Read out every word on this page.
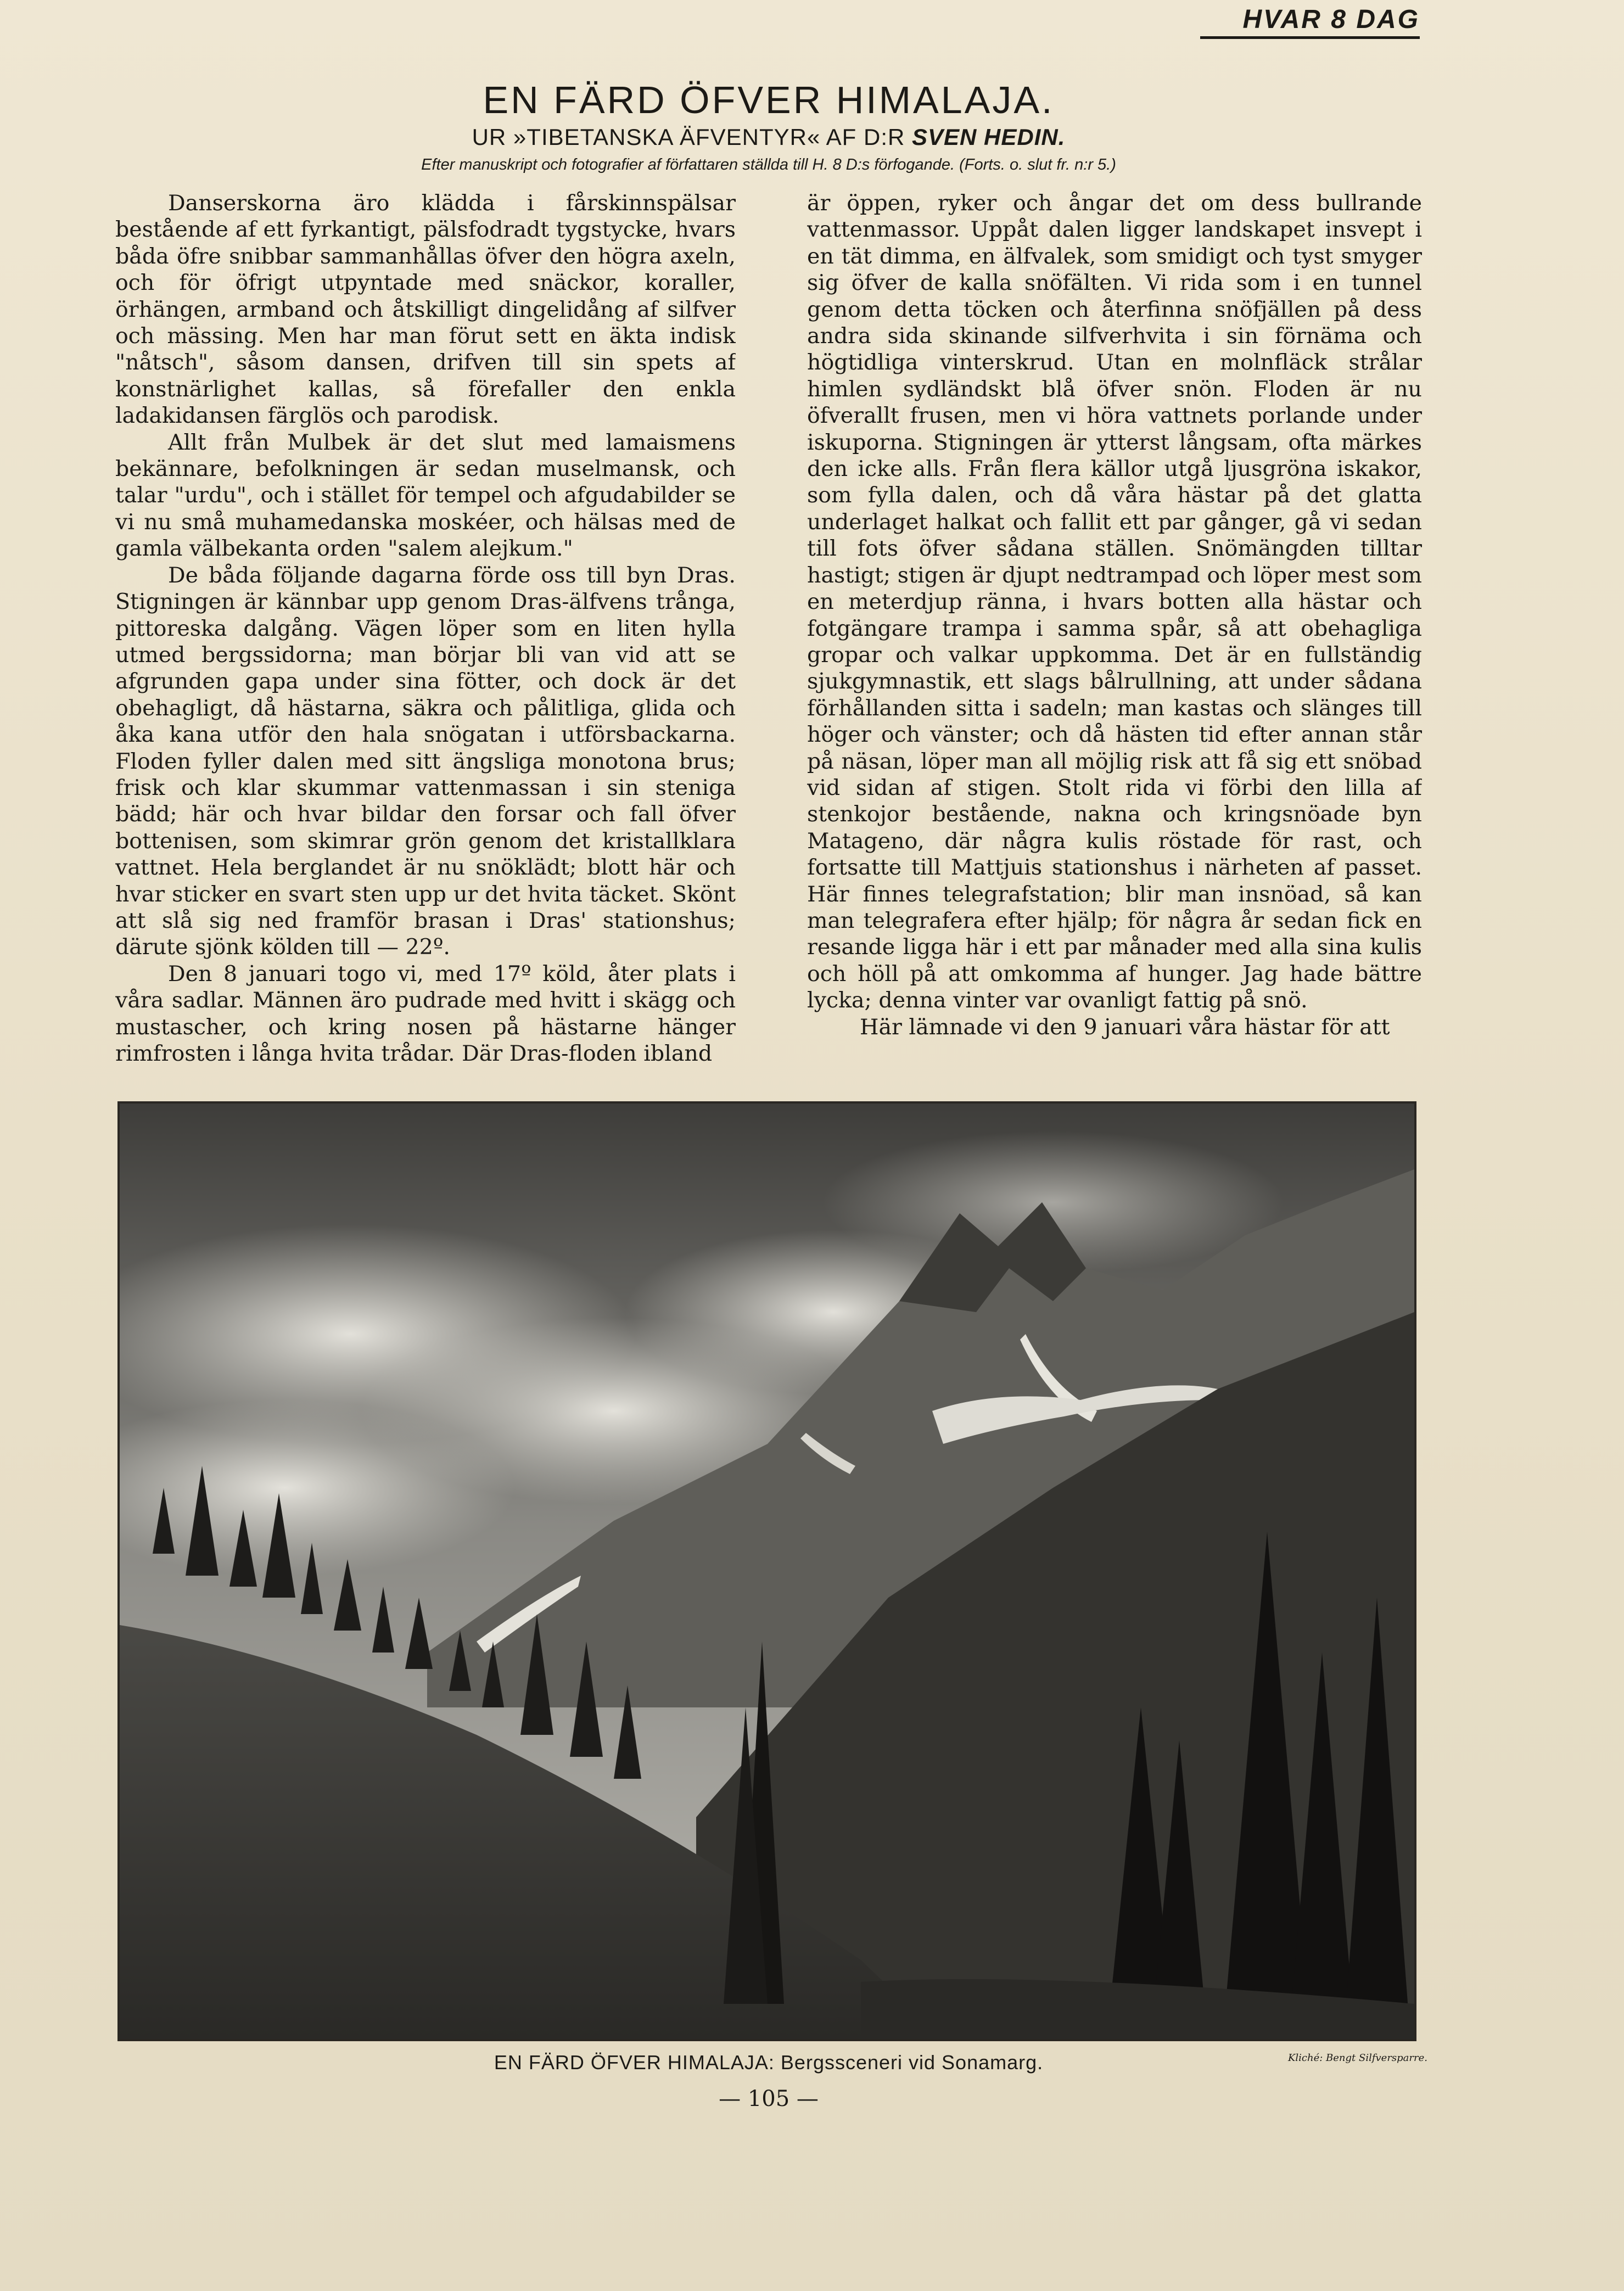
HVAR 8 DAG
EN FÄRD ÖFVER HIMALAJA.
UR »TIBETANSKA ÄFVENTYR« AF D:R SVEN HEDIN.
Efter manuskript och fotografier af författaren ställda till H. 8 D:s förfogande. (Forts. o. slut fr. n:r 5.)

Danserskorna äro klädda i fårskinnspälsar bestående af ett fyrkantigt, pälsfodradt tygstycke, hvars båda öfre snibbar sammanhållas öfver den högra axeln, och för öfrigt utpyntade med snäckor, koraller, örhängen, armband och åtskilligt dingelidång af silfver och mässing. Men har man förut sett en äkta indisk "nåtsch", såsom dansen, drifven till sin spets af konstnärlighet kallas, så förefaller den enkla ladakidansen färglös och parodisk.

Allt från Mulbek är det slut med lamaismens bekännare, befolkningen är sedan muselmansk, och talar "urdu", och i stället för tempel och afgudabilder se vi nu små muhamedanska moskéer, och hälsas med de gamla välbekanta orden "salem alejkum."

De båda följande dagarna förde oss till byn Dras. Stigningen är kännbar upp genom Dras-älfvens trånga, pittoreska dalgång. Vägen löper som en liten hylla utmed bergssidorna; man börjar bli van vid att se afgrunden gapa under sina fötter, och dock är det obehagligt, då hästarna, säkra och pålitliga, glida och åka kana utför den hala snögatan i utförsbackarna. Floden fyller dalen med sitt ängsliga monotona brus; frisk och klar skummar vattenmassan i sin steniga bädd; här och hvar bildar den forsar och fall öfver bottenisen, som skimrar grön genom det kristallklara vattnet. Hela berglandet är nu snöklädt; blott här och hvar sticker en svart sten upp ur det hvita täcket. Skönt att slå sig ned framför brasan i Dras' stationshus; därute sjönk kölden till — 22º.

Den 8 januari togo vi, med 17º köld, åter plats i våra sadlar. Männen äro pudrade med hvitt i skägg och mustascher, och kring nosen på hästarne hänger rimfrosten i långa hvita trådar. Där Dras-floden ibland

är öppen, ryker och ångar det om dess bullrande vattenmassor. Uppåt dalen ligger landskapet insvept i en tät dimma, en älfvalek, som smidigt och tyst smyger sig öfver de kalla snöfälten. Vi rida som i en tunnel genom detta töcken och återfinna snöfjällen på dess andra sida skinande silfverhvita i sin förnäma och högtidliga vinterskrud. Utan en molnfläck strålar himlen sydländskt blå öfver snön. Floden är nu öfverallt frusen, men vi höra vattnets porlande under iskuporna. Stigningen är ytterst långsam, ofta märkes den icke alls. Från flera källor utgå ljusgröna iskakor, som fylla dalen, och då våra hästar på det glatta underlaget halkat och fallit ett par gånger, gå vi sedan till fots öfver sådana ställen. Snömängden tilltar hastigt; stigen är djupt nedtrampad och löper mest som en meterdjup ränna, i hvars botten alla hästar och fotgängare trampa i samma spår, så att obehagliga gropar och valkar uppkomma. Det är en fullständig sjukgymnastik, ett slags bålrullning, att under sådana förhållanden sitta i sadeln; man kastas och slänges till höger och vänster; och då hästen tid efter annan står på näsan, löper man all möjlig risk att få sig ett snöbad vid sidan af stigen. Stolt rida vi förbi den lilla af stenkojor bestående, nakna och kringsnöade byn Matageno, där några kulis röstade för rast, och fortsatte till Mattjuis stationshus i närheten af passet. Här finnes telegrafstation; blir man insnöad, så kan man telegrafera efter hjälp; för några år sedan fick en resande ligga här i ett par månader med alla sina kulis och höll på att omkomma af hunger. Jag hade bättre lycka; denna vinter var ovanligt fattig på snö.

Här lämnade vi den 9 januari våra hästar för att

EN FÄRD ÖFVER HIMALAJA: Bergssceneri vid Sonamarg.	Kliché: Bengt Silfversparre.
— 105 —
